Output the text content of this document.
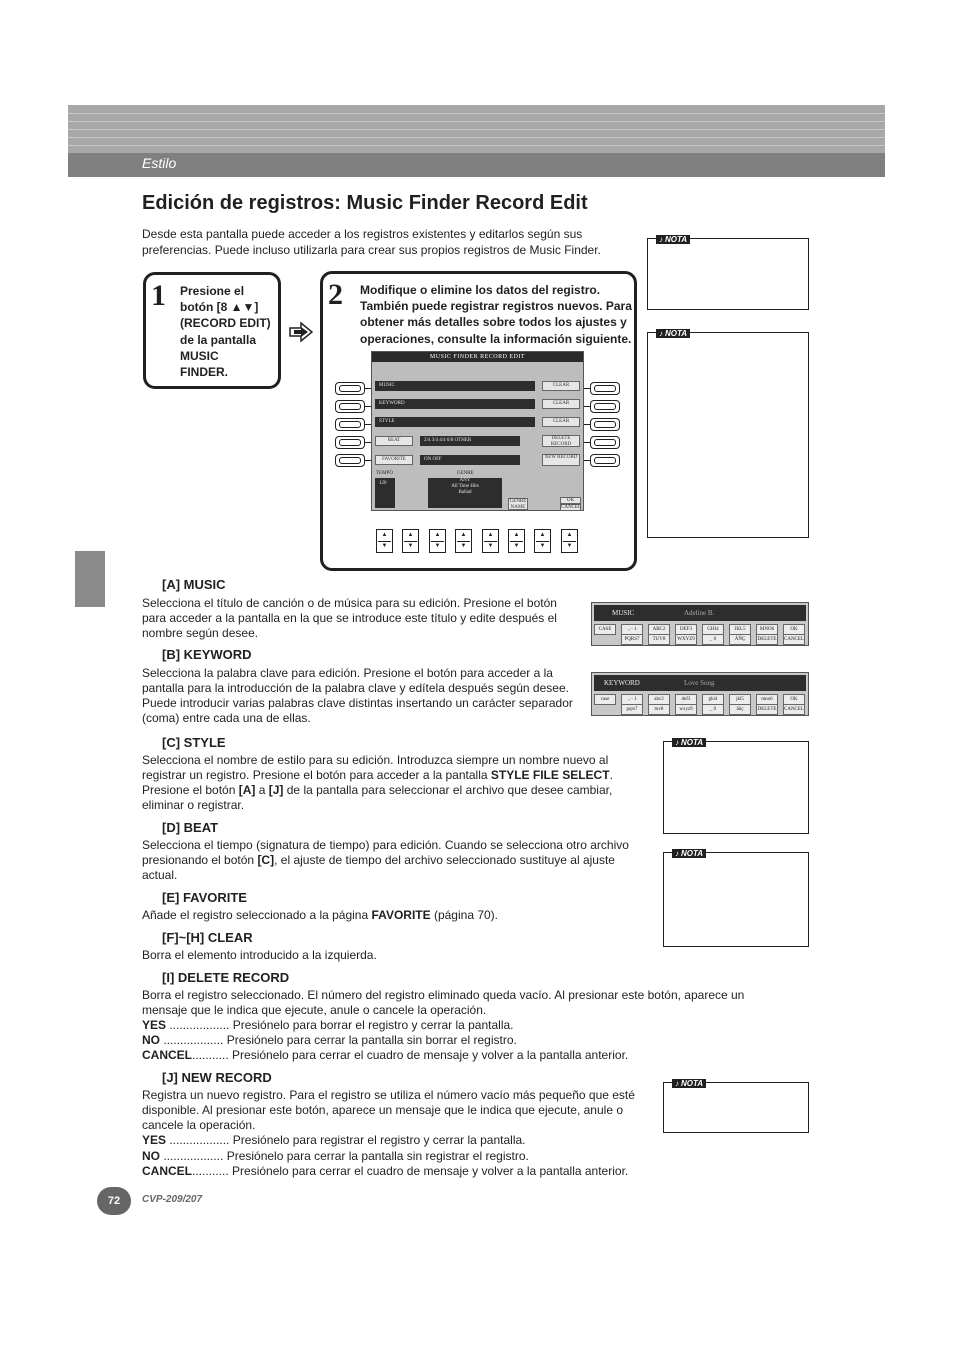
Estilo
Edición de registros: Music Finder Record Edit
Desde esta pantalla puede acceder a los registros existentes y editarlos según sus preferencias. Puede incluso utilizarla para crear sus propios registros de Music Finder.
1 Presione el
botón [8 ▲▼]
(RECORD EDIT)
de la pantalla
MUSIC
FINDER.
2 Modifique o elimine los datos del registro. También puede registrar registros nuevos. Para obtener más detalles sobre todos los ajustes y operaciones, consulte la información siguiente.
MUSIC FINDER RECORD EDIT
MUSIC	CLEAR
KEYWORD	CLEAR
STYLE	CLEAR
BEAT	2/4 3/4 4/4 6/8 OTHER	DELETE RECORD
FAVORITE	ON OFF	NEW RECORD
TEMPO
120
GENRE
ANY
All Time Hits
Ballad
GENRE NAME
OK
CANCEL
▲
▼
▲
▼
▲
▼
▲
▼
▲
▼
▲
▼
▲
▼
▲
▼
♪ NOTA
♪ NOTA
♪ NOTA
♪ NOTA
♪ NOTA
[A] MUSIC
Selecciona el título de canción o de música para su edición. Presione el botón para acceder a la pantalla en la que se introduce este título y edite después el nombre según desee.
MUSIC	Adeline B.
CASE	., - 1	ABC2	DEF3	GHI4	JKL5	MNO6	OK
PQRS7	TUV8	WXYZ9	_ 0	ÁÑÇ	DELETE	CANCEL
[B] KEYWORD
Selecciona la palabra clave para edición. Presione el botón para acceder a la pantalla para la introducción de la palabra clave y edítela después según desee. Puede introducir varias palabras clave distintas insertando un carácter separador (coma) entre cada una de ellas.
KEYWORD	Love Song
case	., - 1	abc2	def3	ghi4	jkl5	mno6	OK
pqrs7	tuv8	wxyz9	_ 0	ãñç	DELETE	CANCEL
[C] STYLE
Selecciona el nombre de estilo para su edición. Introduzca siempre un nombre nuevo al registrar un registro. Presione el botón para acceder a la pantalla STYLE FILE SELECT. Presione el botón [A] a [J] de la pantalla para seleccionar el archivo que desee cambiar, eliminar o registrar.
[D] BEAT
Selecciona el tiempo (signatura de tiempo) para edición. Cuando se selecciona otro archivo presionando el botón [C], el ajuste de tiempo del archivo seleccionado sustituye al ajuste actual.
[E] FAVORITE
Añade el registro seleccionado a la página FAVORITE (página 70).
[F]~[H] CLEAR
Borra el elemento introducido a la izquierda.
[I] DELETE RECORD
Borra el registro seleccionado. El número del registro eliminado queda vacío. Al presionar este botón, aparece un mensaje que le indica que ejecute, anule o cancele la operación.
YES .................. Presiónelo para borrar el registro y cerrar la pantalla.
NO .................. Presiónelo para cerrar la pantalla sin borrar el registro.
CANCEL........... Presiónelo para cerrar el cuadro de mensaje y volver a la pantalla anterior.
[J] NEW RECORD
Registra un nuevo registro. Para el registro se utiliza el número vacío más pequeño que esté disponible. Al presionar este botón, aparece un mensaje que le indica que ejecute, anule o cancele la operación.
YES .................. Presiónelo para registrar el registro y cerrar la pantalla.
NO .................. Presiónelo para cerrar la pantalla sin registrar el registro.
CANCEL........... Presiónelo para cerrar el cuadro de mensaje y volver a la pantalla anterior.
72	CVP-209/207
